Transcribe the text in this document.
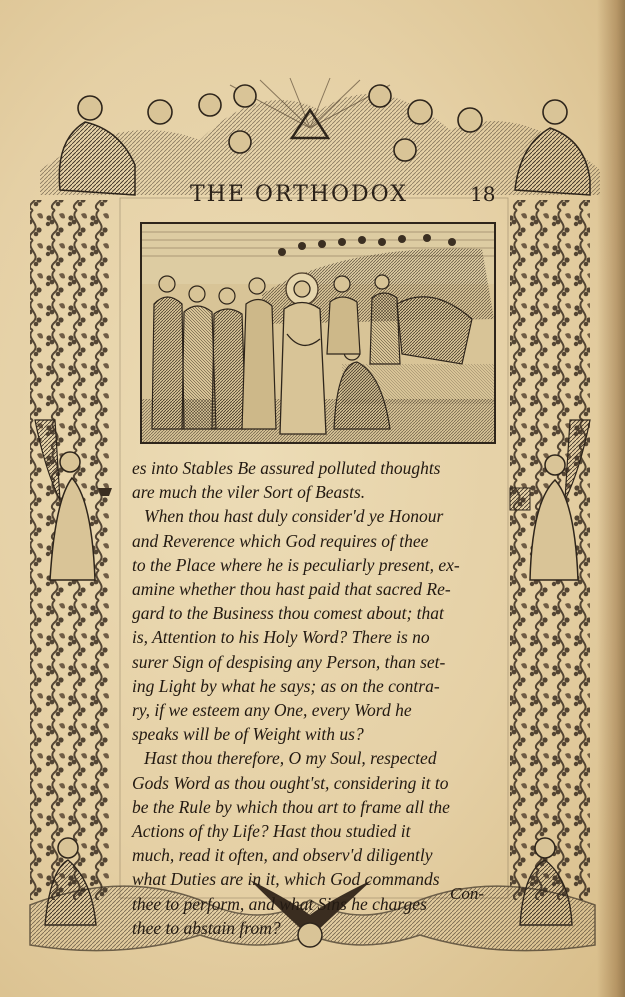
THE ORTHODOX	18
es into Stables Be assured polluted thoughts
are much the viler Sort of Beasts.
When thou hast duly consider'd ye Honour
and Reverence which God requires of thee
to the Place where he is peculiarly present, ex-
amine whether thou hast paid that sacred Re-
gard to the Business thou comest about; that
is, Attention to his Holy Word? There is no
surer Sign of despising any Person, than set-
ing Light by what he says; as on the contra-
ry, if we esteem any One, every Word he
speaks will be of Weight with us?
Hast thou therefore, O my Soul, respected
Gods Word as thou ought'st, considering it to
be the Rule by which thou art to frame all the
Actions of thy Life? Hast thou studied it
much, read it often, and observ'd diligently
what Duties are in it, which God commands
thee to perform, and what Sins he charges
thee to abstain from?
Con-
